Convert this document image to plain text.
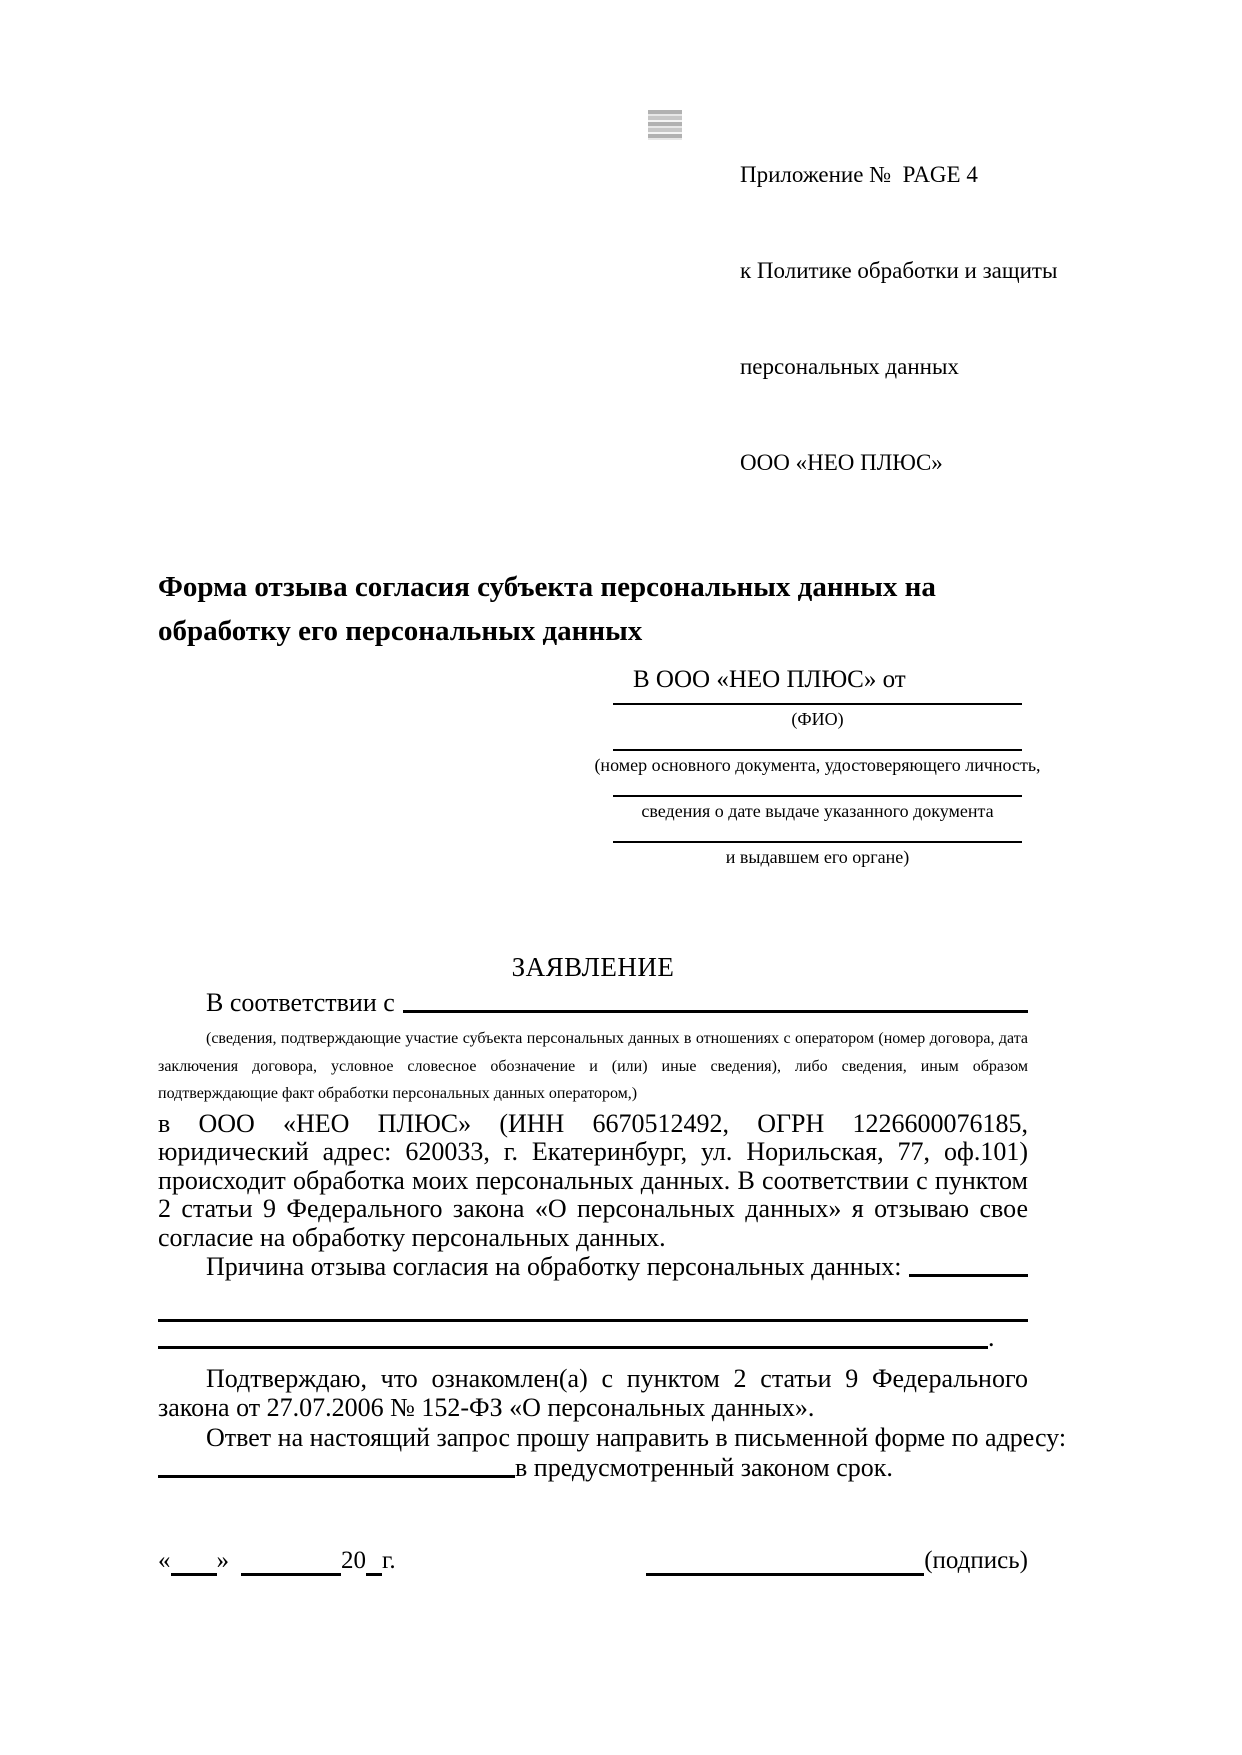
Приложение №  PAGE 4

к Политике обработки и защиты

персональных данных

ООО «НЕО ПЛЮС»

Форма отзыва согласия субъекта персональных данных на обработку его персональных данных
В ООО «НЕО ПЛЮС» от
(ФИО)
(номер основного документа, удостоверяющего личность,
сведения о дате выдаче указанного документа
и выдавшем его органе)
ЗАЯВЛЕНИЕ
В соответствии с

(сведения, подтверждающие участие субъекта персональных данных в отношениях с оператором (номер договора, дата заключения договора, условное словесное обозначение и (или) иные сведения), либо сведения, иным образом подтверждающие факт обработки персональных данных оператором,)

в ООО «НЕО ПЛЮС» (ИНН 6670512492, ОГРН 1226600076185, юридический адрес: 620033, г. Екатеринбург, ул. Норильская, 77, оф.101) происходит обработка моих персональных данных. В соответствии с пунктом 2 статьи 9 Федерального закона «О персональных данных» я отзываю свое согласие на обработку персональных данных.

Причина отзыва согласия на обработку персональных данных:
.

Подтверждаю, что ознакомлен(а) с пунктом 2 статьи 9 Федерального закона от 27.07.2006 № 152-ФЗ «О персональных данных».

Ответ на настоящий запрос прошу направить в письменной форме по адресу:

в предусмотренный законом срок.
« »	20 г.	(подпись)
